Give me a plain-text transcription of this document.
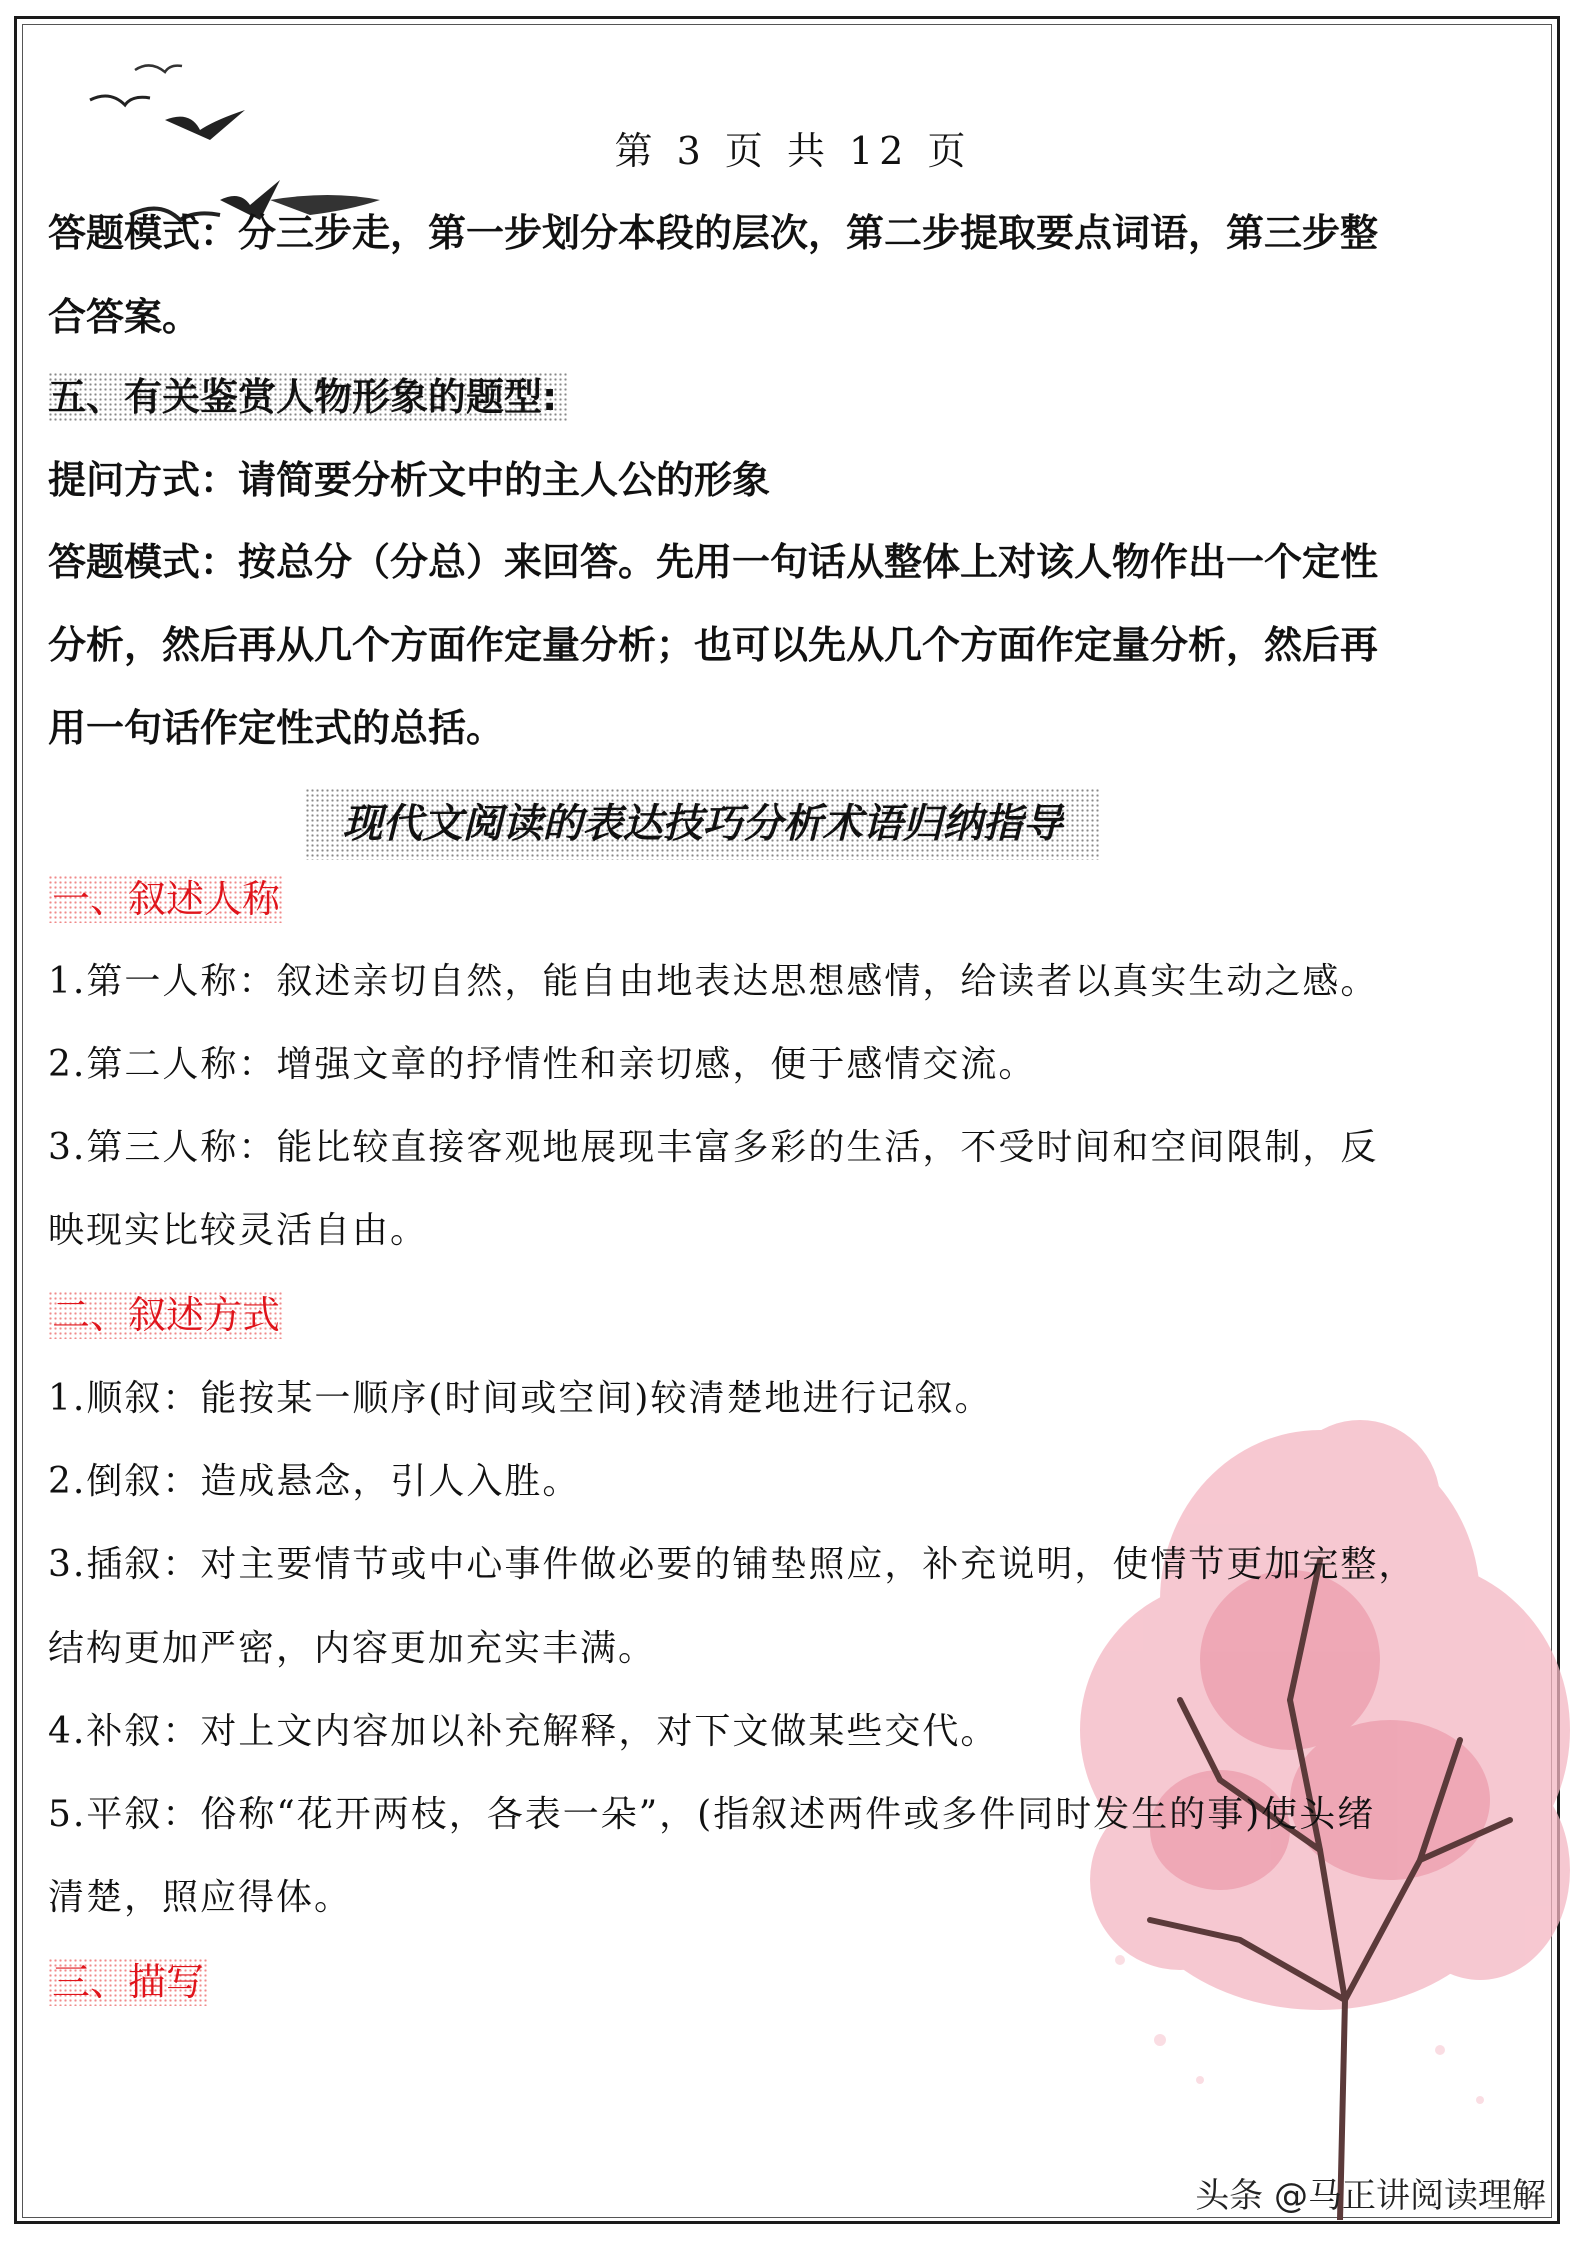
第 3 页 共 12 页
答题模式：分三步走，第一步划分本段的层次，第二步提取要点词语，第三步整
合答案。
五、有关鉴赏人物形象的题型:
提问方式：请简要分析文中的主人公的形象
答题模式：按总分（分总）来回答。先用一句话从整体上对该人物作出一个定性
分析，然后再从几个方面作定量分析；也可以先从几个方面作定量分析，然后再
用一句话作定性式的总括。
现代文阅读的表达技巧分析术语归纳指导
一、叙述人称
1.第一人称：叙述亲切自然，能自由地表达思想感情，给读者以真实生动之感。
2.第二人称：增强文章的抒情性和亲切感，便于感情交流。
3.第三人称：能比较直接客观地展现丰富多彩的生活，不受时间和空间限制，反
映现实比较灵活自由。
二、叙述方式
1.顺叙：能按某一顺序(时间或空间)较清楚地进行记叙。
2.倒叙：造成悬念，引人入胜。
3.插叙：对主要情节或中心事件做必要的铺垫照应，补充说明，使情节更加完整，
结构更加严密，内容更加充实丰满。
4.补叙：对上文内容加以补充解释，对下文做某些交代。
5.平叙：俗称“花开两枝，各表一朵”，(指叙述两件或多件同时发生的事)使头绪
清楚，照应得体。
三、描写
头条 @马正讲阅读理解
